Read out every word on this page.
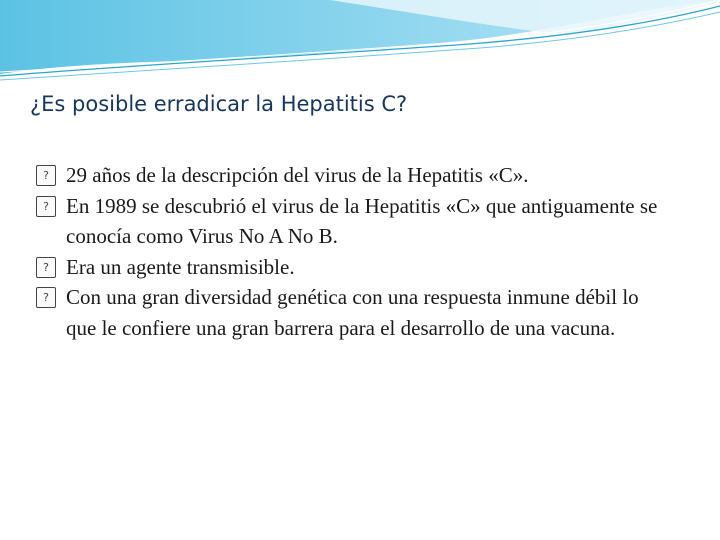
¿Es posible erradicar la Hepatitis C?
? 29 años de la descripción del virus de la Hepatitis «C».
? En 1989 se descubrió el virus de la Hepatitis «C» que antiguamente se conocía como Virus No A No B.
? Era un agente transmisible.
? Con una gran diversidad genética con una respuesta inmune débil lo que le confiere una gran barrera para el desarrollo de una vacuna.
